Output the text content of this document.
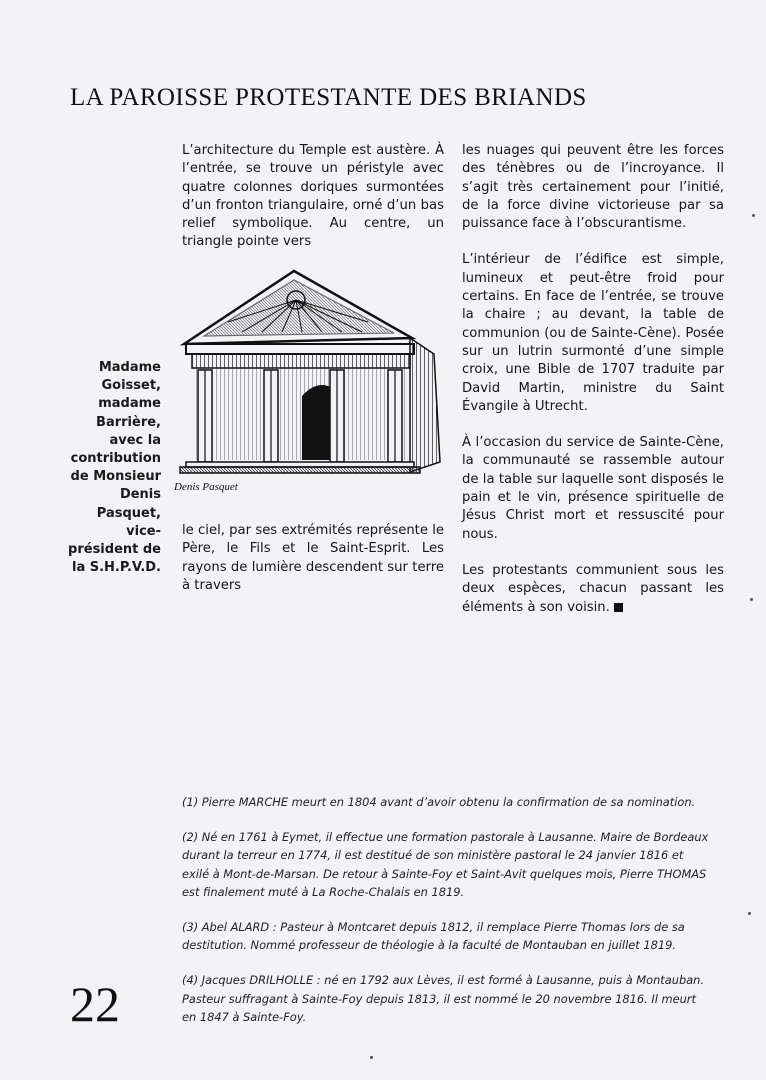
LA PAROISSE PROTESTANTE DES BRIANDS

L’architecture du Temple est austère. À l’entrée, se trouve un péristyle avec quatre colonnes doriques surmontées d’un fronton triangulaire, orné d’un bas relief symbolique. Au centre, un triangle pointe vers

Madame Goisset, madame Barrière, avec la contribution de Monsieur Denis Pasquet, vice-président de la S.H.P.V.D.
Denis Pasquet

le ciel, par ses extrémités représente le Père, le Fils et le Saint-Esprit. Les rayons de lumière descendent sur terre à travers

les nuages qui peuvent être les forces des ténèbres ou de l’incroyance. Il s’agit très certainement pour l’initié, de la force divine victorieuse par sa puissance face à l’obscurantisme.

L’intérieur de l’édifice est simple, lumineux et peut-être froid pour certains. En face de l’entrée, se trouve la chaire ; au devant, la table de communion (ou de Sainte-Cène). Posée sur un lutrin surmonté d’une simple croix, une Bible de 1707 traduite par David Martin, ministre du Saint Évangile à Utrecht.

À l’occasion du service de Sainte-Cène, la communauté se rassemble autour de la table sur laquelle sont disposés le pain et le vin, présence spirituelle de Jésus Christ mort et ressuscité pour nous.

Les protestants communient sous les deux espèces, chacun passant les éléments à son voisin.

(1) Pierre MARCHE meurt en 1804 avant d’avoir obtenu la confirmation de sa nomination.

(2) Né en 1761 à Eymet, il effectue une formation pastorale à Lausanne. Maire de Bordeaux durant la terreur en 1774, il est destitué de son ministère pastoral le 24 janvier 1816 et exilé à Mont-de-Marsan. De retour à Sainte-Foy et Saint-Avit quelques mois, Pierre THOMAS est finalement muté à La Roche-Chalais en 1819.

(3) Abel ALARD : Pasteur à Montcaret depuis 1812, il remplace Pierre Thomas lors de sa destitution. Nommé professeur de théologie à la faculté de Montauban en juillet 1819.

(4) Jacques DRILHOLLE : né en 1792 aux Lèves, il est formé à Lausanne, puis à Montauban. Pasteur suffragant à Sainte-Foy depuis 1813, il est nommé le 20 novembre 1816. Il meurt en 1847 à Sainte-Foy.

22
